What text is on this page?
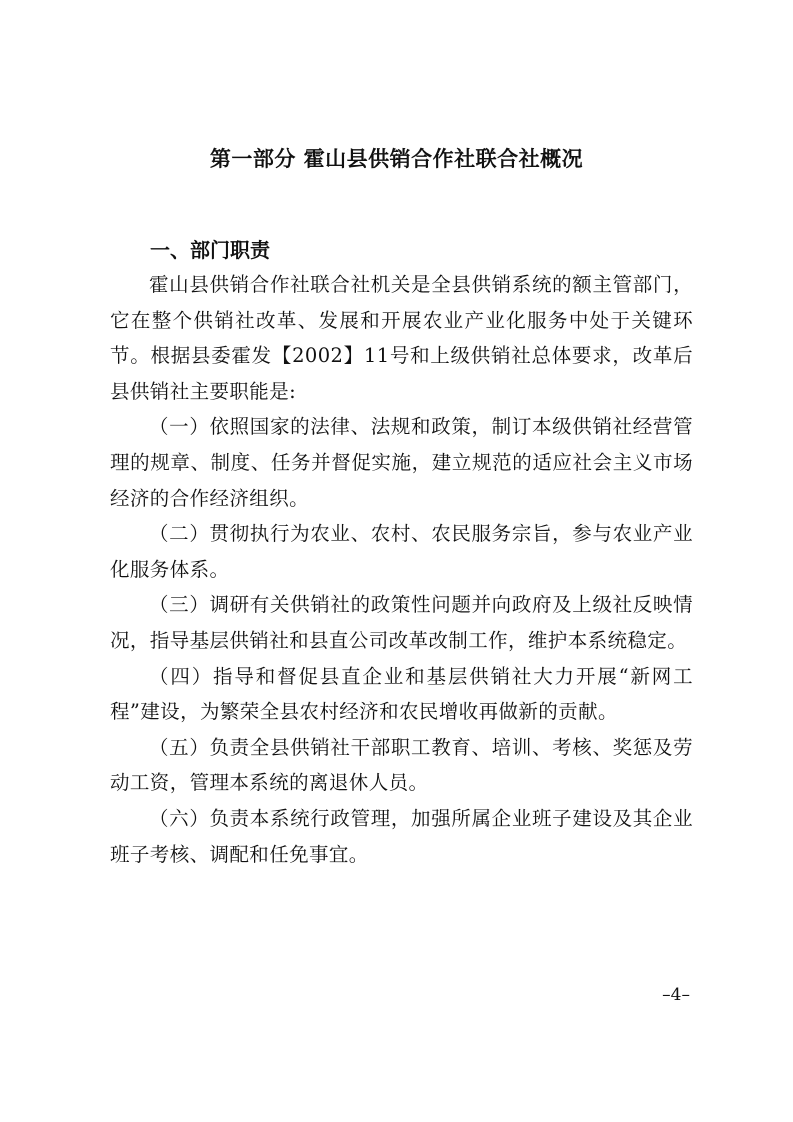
第一部分 霍山县供销合作社联合社概况
一、部门职责

霍山县供销合作社联合社机关是全县供销系统的额主管部门，它在整个供销社改革、发展和开展农业产业化服务中处于关键环节。根据县委霍发【2002】11号和上级供销社总体要求，改革后县供销社主要职能是:

（一）依照国家的法律、法规和政策，制订本级供销社经营管理的规章、制度、任务并督促实施，建立规范的适应社会主义市场经济的合作经济组织。

（二）贯彻执行为农业、农村、农民服务宗旨，参与农业产业化服务体系。

（三）调研有关供销社的政策性问题并向政府及上级社反映情况，指导基层供销社和县直公司改革改制工作，维护本系统稳定。

（四）指导和督促县直企业和基层供销社大力开展“新网工程”建设，为繁荣全县农村经济和农民增收再做新的贡献。

（五）负责全县供销社干部职工教育、培训、考核、奖惩及劳动工资，管理本系统的离退休人员。

（六）负责本系统行政管理，加强所属企业班子建设及其企业班子考核、调配和任免事宜。

–4–
